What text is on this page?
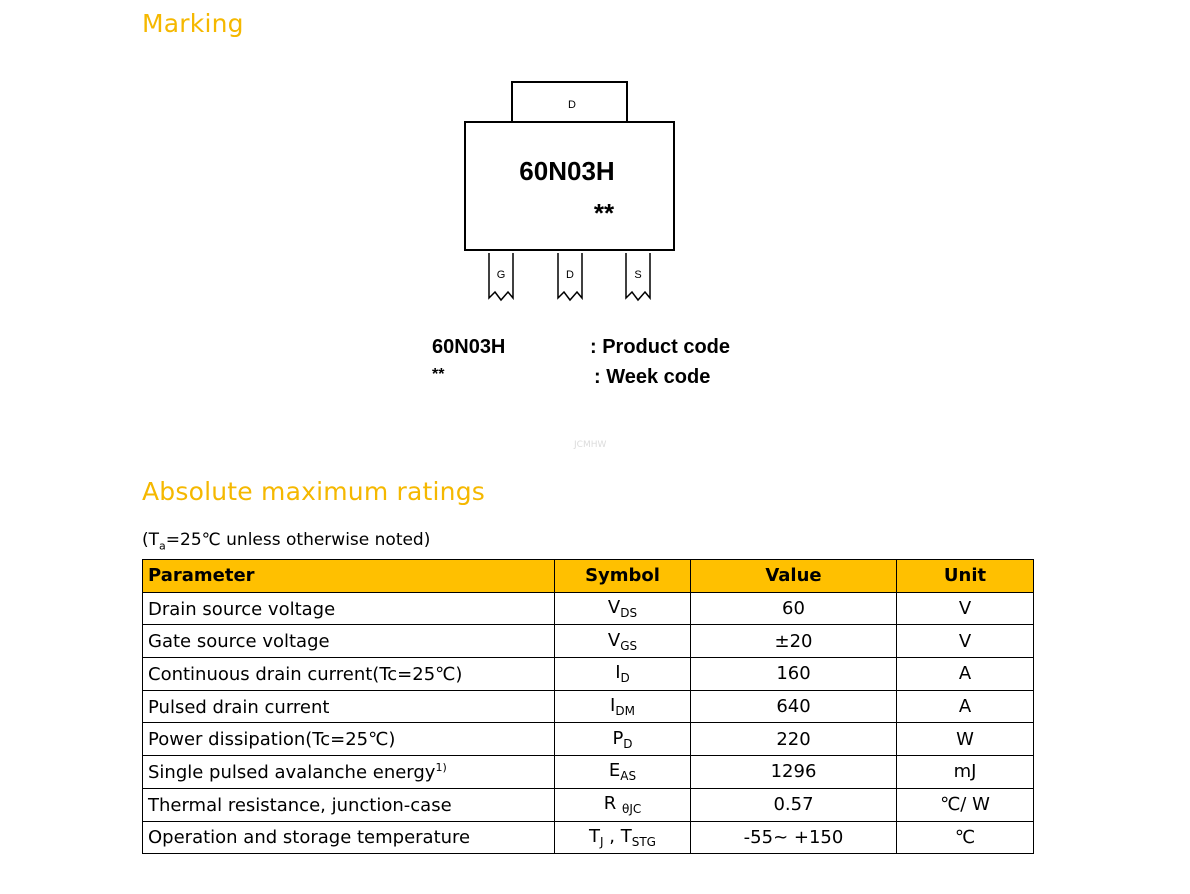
Marking
D
60N03H
**
G	D	S
60N03H	: Product code
**	: Week code
JCMHW
Absolute maximum ratings
($T_a=25℃$ unless otherwise noted)
Parameter	Symbol	Value	Unit
Drain source voltage	$V_{DS}$	60	V
Gate source voltage	$V_{GS}$	±20	V
Continuous drain current(Tc=25℃)	$I_D$	160	A
Pulsed drain current	$I_{DM}$	640	A
Power dissipation(Tc=25℃)	$P_D$	220	W
Single pulsed avalanche energy$^{1)}$	$E_{AS}$	1296	mJ
Thermal resistance, junction-case	R $_{\theta JC}$	0.57	℃/ W
Operation and storage temperature	$T_J$ , $T_{STG}$	-55~ +150	℃
